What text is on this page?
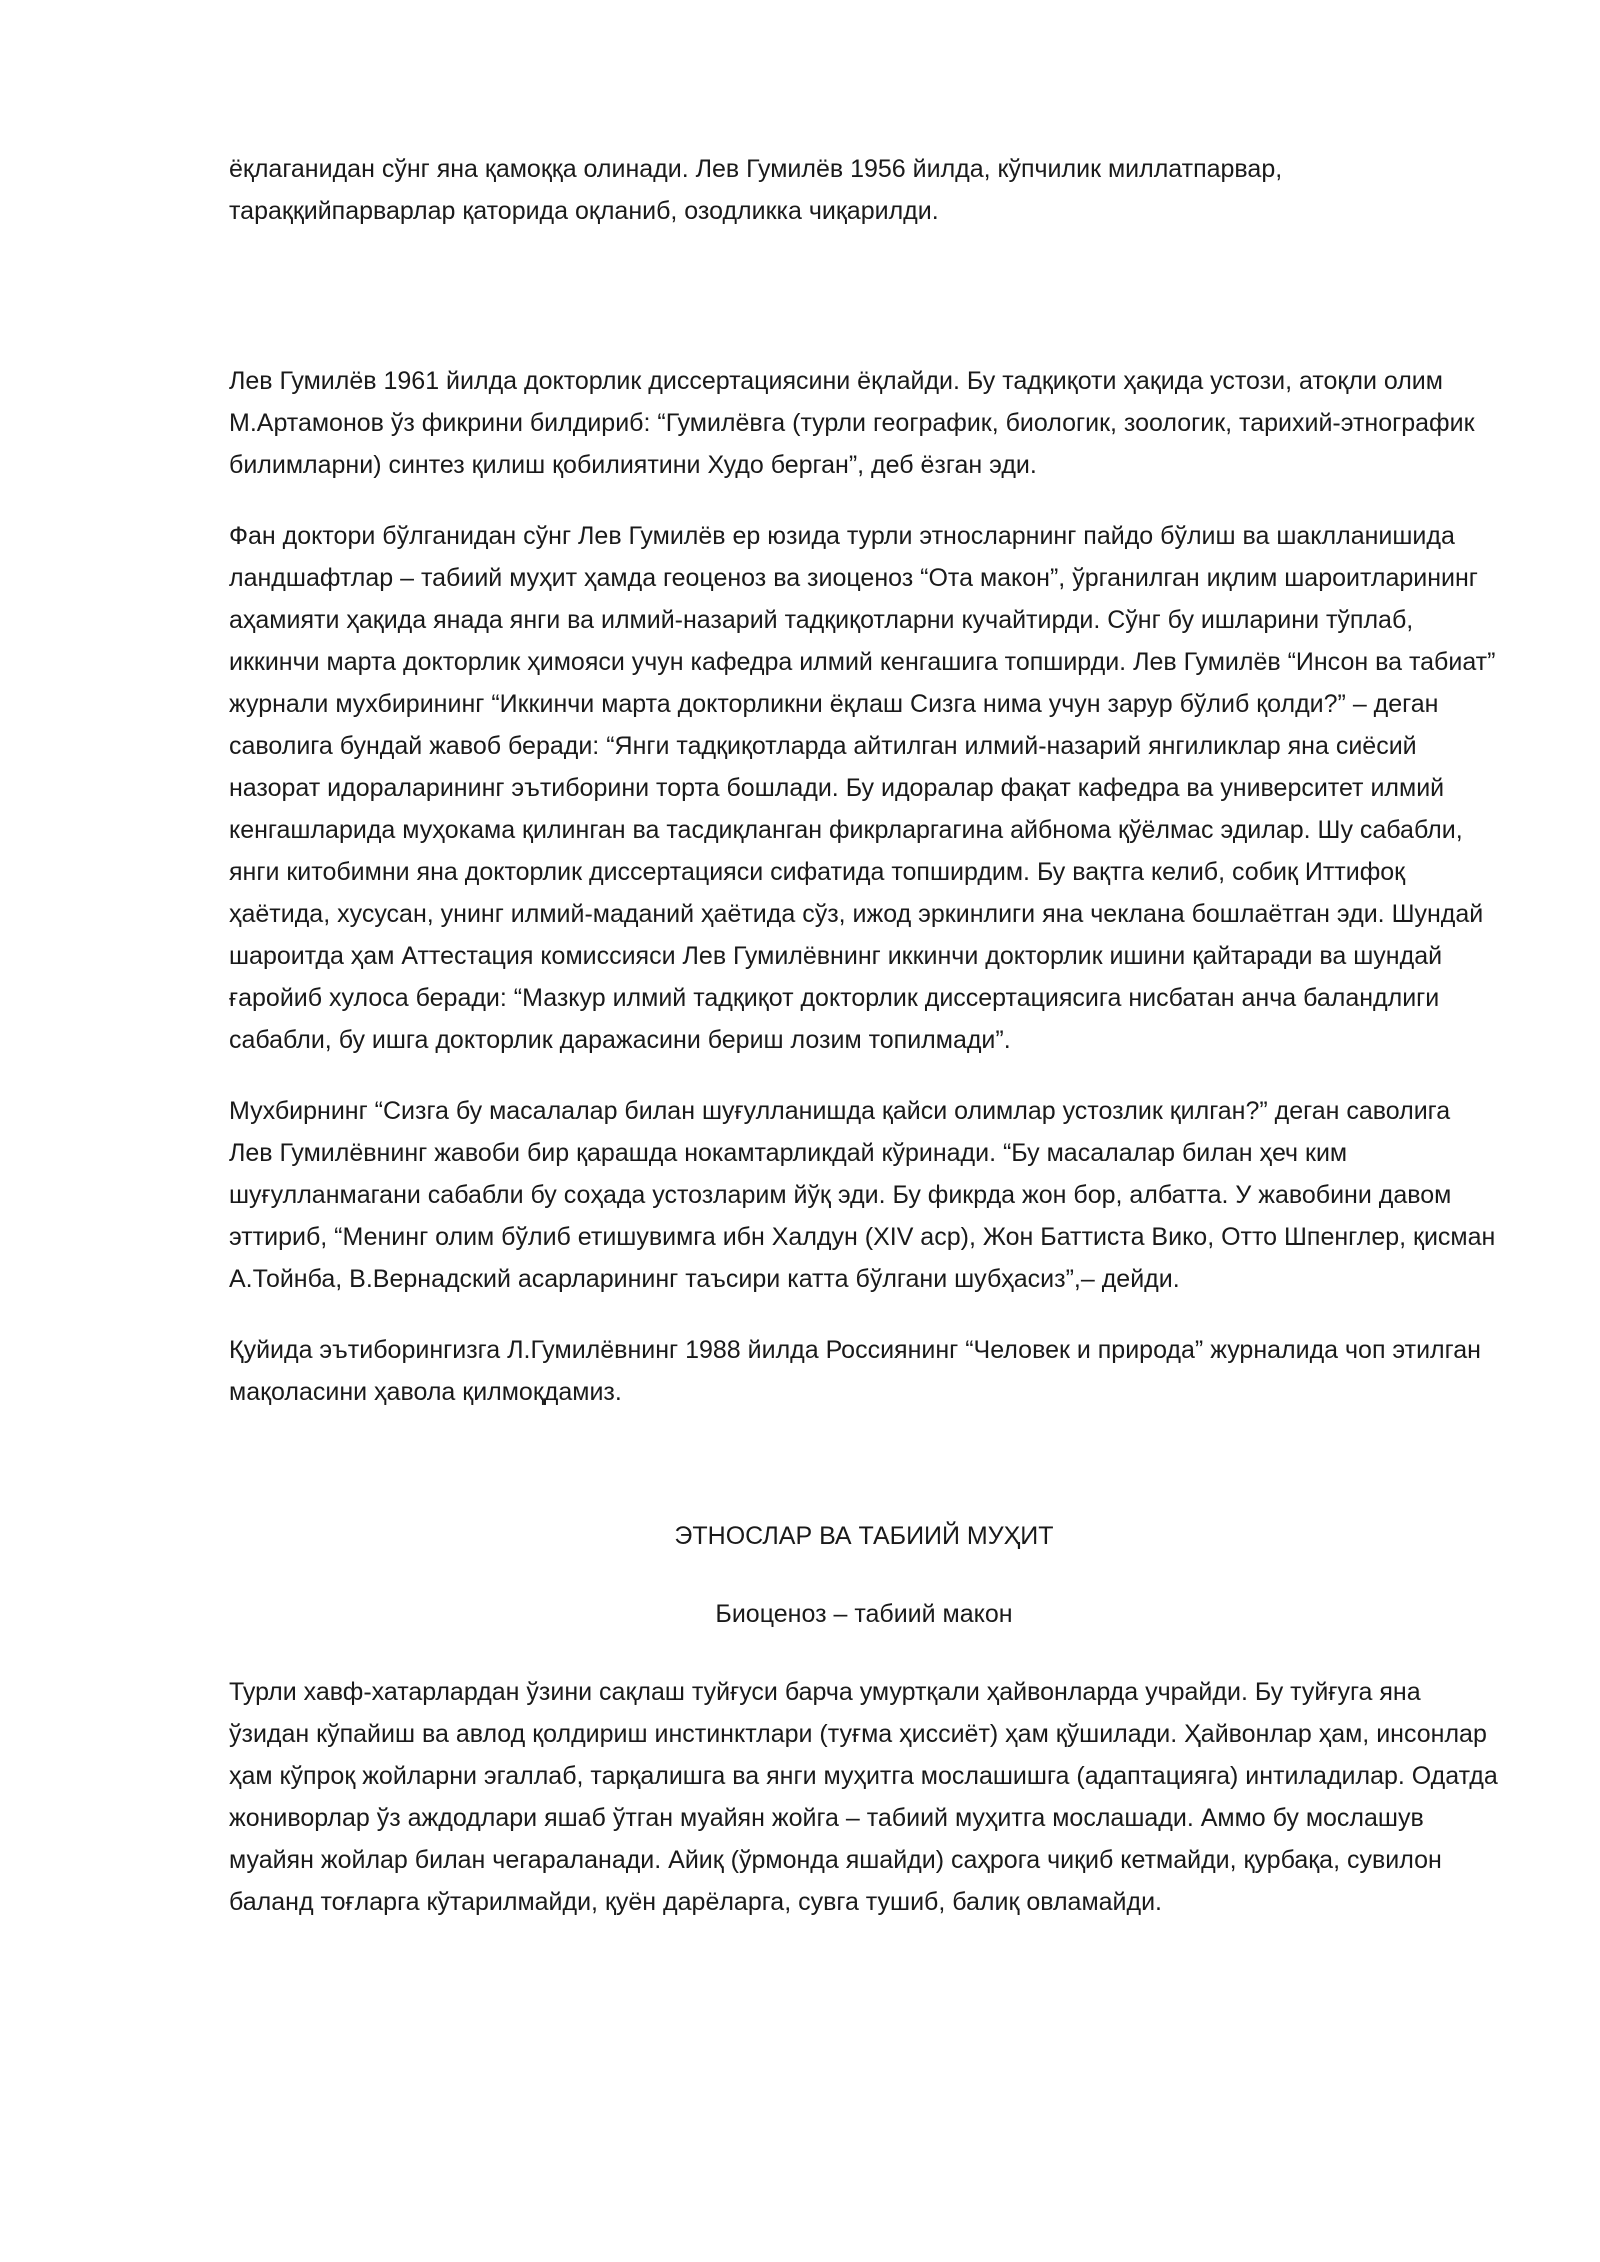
ёқлаганидан сўнг яна қамоққа олинади. Лев Гумилёв 1956 йилда, кўпчилик миллатпарвар, тараққийпарварлар қаторида оқланиб, озодликка чиқарилди.

Лев Гумилёв 1961 йилда докторлик диссертациясини ёқлайди. Бу тадқиқоти ҳақида устози, атоқли олим М.Артамонов ўз фикрини билдириб: “Гумилёвга (турли географик, биологик, зоологик, тарихий-этнографик билимларни) синтез қилиш қобилиятини Худо берган”, деб ёзган эди.

Фан доктори бўлганидан сўнг Лев Гумилёв ер юзида турли этносларнинг пайдо бўлиш ва шаклланишида ландшафтлар – табиий муҳит ҳамда геоценоз ва зиоценоз “Ота макон”, ўрганилган иқлим шароитларининг аҳамияти ҳақида янада янги ва илмий-назарий тадқиқотларни кучайтирди. Сўнг бу ишларини тўплаб, иккинчи марта докторлик ҳимояси учун кафедра илмий кенгашига топширди. Лев Гумилёв “Инсон ва табиат” журнали мухбирининг “Иккинчи марта докторликни ёқлаш Сизга нима учун зарур бўлиб қолди?” – деган саволига бундай жавоб беради: “Янги тадқиқотларда айтилган илмий-назарий янгиликлар яна сиёсий назорат идораларининг эътиборини торта бошлади. Бу идоралар фақат кафедра ва университет илмий кенгашларида муҳокама қилинган ва тасдиқланган фикрларгагина айбнома қўёлмас эдилар. Шу сабабли, янги китобимни яна докторлик диссертацияси сифатида топширдим. Бу вақтга келиб, собиқ Иттифоқ ҳаётида, хусусан, унинг илмий-маданий ҳаётида сўз, ижод эркинлиги яна чеклана бошлаётган эди. Шундай шароитда ҳам Аттестация комиссияси Лев Гумилёвнинг иккинчи докторлик ишини қайтаради ва шундай ғаройиб хулоса беради: “Мазкур илмий тадқиқот докторлик диссертациясига нисбатан анча баландлиги сабабли, бу ишга докторлик даражасини бериш лозим топилмади”.

Мухбирнинг “Сизга бу масалалар билан шуғулланишда қайси олимлар устозлик қилган?” деган саволига Лев Гумилёвнинг жавоби бир қарашда нокамтарликдай кўринади. “Бу масалалар билан ҳеч ким шуғулланмагани сабабли бу соҳада устозларим йўқ эди. Бу фикрда жон бор, албатта. У жавобини давом эттириб, “Менинг олим бўлиб етишувимга ибн Халдун (XIV аср), Жон Баттиста Вико, Отто Шпенглер, қисман А.Тойнба, В.Вернадский асарларининг таъсири катта бўлгани шубҳасиз”,– дейди.

Қуйида эътиборингизга Л.Гумилёвнинг 1988 йилда Россиянинг “Человек и природа” журналида чоп этилган мақоласини ҳавола қилмоқдамиз.

ЭТНОСЛАР ВА ТАБИИЙ МУҲИТ

Биоценоз – табиий макон

Турли хавф-хатарлардан ўзини сақлаш туйғуси барча умуртқали ҳайвонларда учрайди. Бу туйғуга яна ўзидан кўпайиш ва авлод қолдириш инстинктлари (туғма ҳиссиёт) ҳам қўшилади. Ҳайвонлар ҳам, инсонлар ҳам кўпроқ жойларни эгаллаб, тарқалишга ва янги муҳитга мослашишга (адаптацияга) интиладилар. Одатда жониворлар ўз аждодлари яшаб ўтган муайян жойга – табиий муҳитга мослашади. Аммо бу мослашув муайян жойлар билан чегараланади. Айиқ (ўрмонда яшайди) саҳрога чиқиб кетмайди, қурбақа, сувилон баланд тоғларга кўтарилмайди, қуён дарёларга, сувга тушиб, балиқ овламайди.
